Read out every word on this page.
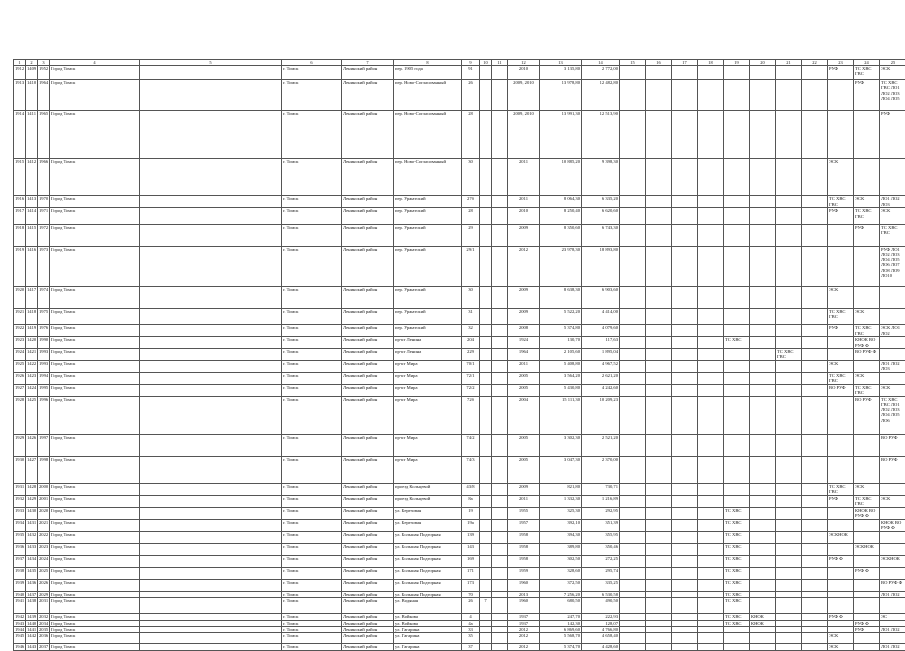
1	2	3	4	5	6	7	8	9	10	11	12	13	14	15	16	17	18	19	20	21	22	23	24	25	
1912	1409	1952	Город Томск		г. Томск	Ленинский район	пер. 1905 года	91			2010	3 135,80	2 772,00									РУФ	ТС ХВС ГВС	ЭСК		
1913	1410	1964	Город Томск		г. Томск	Ленинский район	пер. Ново-Согласованный	26			2009, 2010	13 978,80	12 482,80										РУФ	ТС ХВС ГВС ЛО1 ЛО2 ЛО3 ЛО4 ЛО5		
1914	1411	1965	Город Томск		г. Томск	Ленинский район	пер. Ново-Согласованный	28			2009, 2010	13 991,30	12 513,90											РУФ		
1915	1412	1966	Город Томск		г. Томск	Ленинский район	пер. Ново-Согласованный	30			2011	10 885,20	9 398,30									ЭСК				
1916	1413	1970	Город Томск		г. Томск	Ленинский район	пер. Уржатский	27б			2011	8 064,30	6 335,20									ТС ХВС ГВС	ЭСК	ЛО1 ЛО2 ЛО3		
1917	1414	1971	Город Томск		г. Томск	Ленинский район	пер. Уржатский	28			2010	8 250,40	6 620,60									РУФ	ТС ХВС ГВС	ЭСК		
1918	1415	1972	Город Томск		г. Томск	Ленинский район	пер. Уржатский	29			2009	8 350,60	6 743,30										РУФ	ТС ХВС ГВС		
1919	1416	1973	Город Томск		г. Томск	Ленинский район	пер. Уржатский	29/1			2012	23 978,30	18 893,80											РУФ ЛО1 ЛО2 ЛО3 ЛО4 ЛО5 ЛО6 ЛО7 ЛО8 ЛО9 ЛО10		
1920	1417	1974	Город Томск		г. Томск	Ленинский район	пер. Уржатский	30			2009	8 638,30	6 903,60									ЭСК				
1921	1418	1975	Город Томск		г. Томск	Ленинский район	пер. Уржатский	31			2009	5 522,20	4 414,00									ТС ХВС ГВС	ЭСК			
1922	1419	1976	Город Томск		г. Томск	Ленинский район	пер. Уржатский	32			2008	5 374,80	4 079,60									РУФ	ТС ХВС ГВС	ЭСК ЛО1 ЛО2		
1923	1420	1990	Город Томск		г. Томск	Ленинский район	пр-кт Ленина	204			1924	130,70	117,63					ТС ХВС					КНОК ВО РУФ Ф			
1924	1421	1993	Город Томск		г. Томск	Ленинский район	пр-кт Ленина	229			1964	2 105,60	1 895,04							ТС ХВС ГВС			ВО РУФ Ф			
1925	1422	1993	Город Томск		г. Томск	Ленинский район	пр-кт Мира	70/1			2011	5 408,80	4 967,52									ЭСК		ЛО1 ЛО2 ЛО3		
1926	1423	1994	Город Томск		г. Томск	Ленинский район	пр-кт Мира	72/1			2005	3 564,20	2 621,20									ТС ХВС ГВС	ЭСК			
1927	1424	1995	Город Томск		г. Томск	Ленинский район	пр-кт Мира	72/2			2005	5 430,80	4 242,60									ВО РУФ	ТС ХВС ГВС	ЭСК		
1928	1425	1996	Город Томск		г. Томск	Ленинский район	пр-кт Мира	72б			2004	15 111,30	10 209,23										ВО РУФ	ТС ХВС ГВС ЛО1 ЛО2 ЛО3 ЛО4 ЛО5 ЛО6		
1929	1426	1997	Город Томск		г. Томск	Ленинский район	пр-кт Мира	74/2			2005	3 302,30	2 521,20											ВО РУФ		
1930	1427	1998	Город Томск		г. Томск	Ленинский район	пр-кт Мира	74/3			2005	3 047,30	2 370,00											ВО РУФ		
1931	1428	2000	Город Томск		г. Томск	Ленинский район	проезд Кольцевой	43/8			2009	821,80	730,71									ТС ХВС ГВС	ЭСК			
1932	1429	2001	Город Томск		г. Томск	Ленинский район	проезд Кольцевой	8а			2011	1 332,30	1 216,89									РУФ	ТС ХВС ГВС	ЭСК		
1933	1430	2020	Город Томск		г. Томск	Ленинский район	ул. Березовая	19			1955	325,30	292,95					ТС ХВС					КНОК ВО РУФ Ф			
1934	1431	2021	Город Томск		г. Томск	Ленинский район	ул. Березовая	19а			1957	392,10	351,39					ТС ХВС						КНОК ВО РУФ Ф		
1935	1432	2022	Город Томск		г. Томск	Ленинский район	ул. Большая Подгорная	139			1958	394,30	355,95					ТС ХВС				ЭСКНОК				
1936	1433	2023	Город Томск		г. Томск	Ленинский район	ул. Большая Подгорная	143			1958	389,80	350,46					ТС ХВС					ЭСКНОК			
1937	1434	2024	Город Томск		г. Томск	Ленинский район	ул. Большая Подгорная	169			1958	302,50	272,25					ТС ХВС				РУФ Ф		ЭСКНОК		
1938	1435	2025	Город Томск		г. Томск	Ленинский район	ул. Большая Подгорная	171			1959	328,60	295,74					ТС ХВС					РУФ Ф			
1939	1436	2026	Город Томск		г. Томск	Ленинский район	ул. Большая Подгорная	173			1960	372,50	335,25					ТС ХВС						ВО РУФ Ф		
1940	1437	2029	Город Томск		г. Томск	Ленинский район	ул. Большая Подгорная	70			2013	7 256,20	6 530,58					ТС ХВС						ЛО1 ЛО2		
1941	1438	2031	Город Томск		г. Томск	Ленинский район	ул. Водяная	26	7		1960	680,50	490,50					ТС ХВС								
1942	1439	2032	Город Томск		г. Томск	Ленинский район	ул. Войкова	4			1937	247,70	222,93					ТС ХВС	КНОК			РУФ Ф		ЭС		
1943	1440	2034	Город Томск		г. Томск	Ленинский район	ул. Войкова	4а			1937	142,30	128,07					ТС ХВС	КНОК				РУФ Ф			
1944	1441	2035	Город Томск		г. Томск	Ленинский район	ул. Гагарина	33			2012	6 869,60	4 766,80										РУФ	ЛО1 ЛО2		
1945	1442	2036	Город Томск		г. Томск	Ленинский район	ул. Гагарина	35			2012	5 568,70	4 658,40									ЭСК				
1946	1443	2037	Город Томск		г. Томск	Ленинский район	ул. Гагарина	37			2012	5 374,70	4 428,60									ЭСК		ЛО1 ЛО2		
